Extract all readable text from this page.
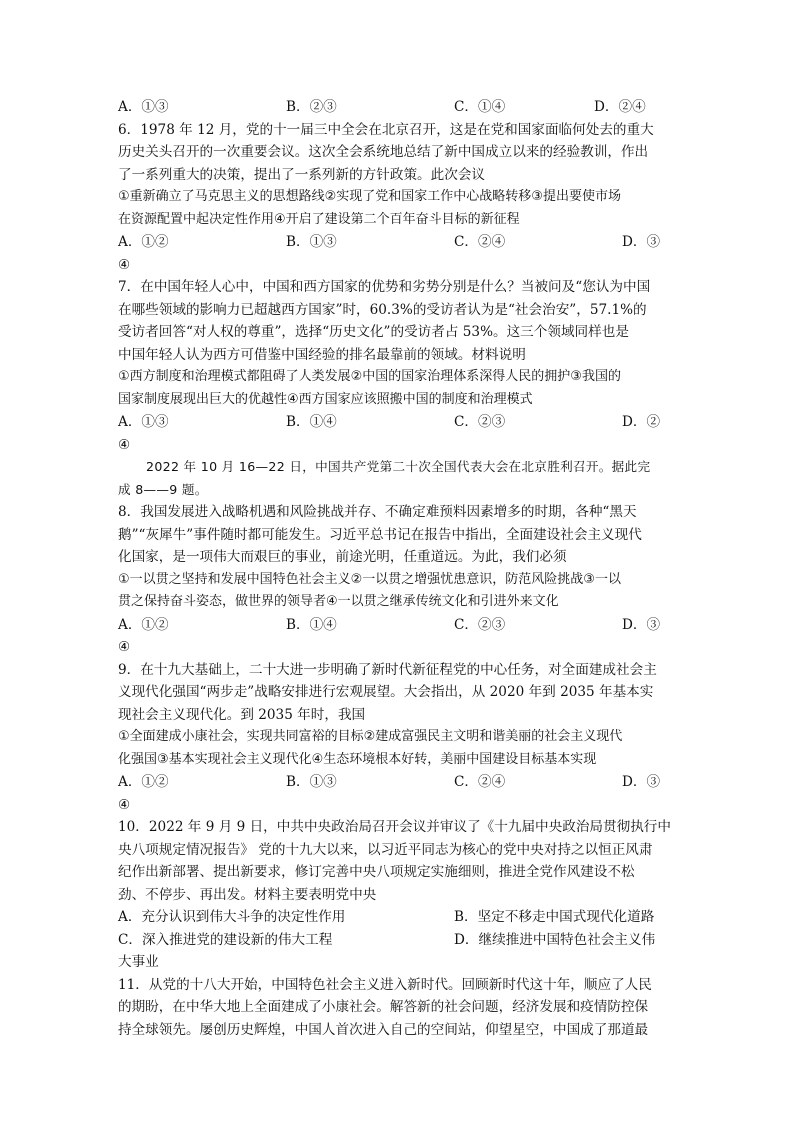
A．①③	B．②③	C．①④	D．②④
6．1978 年 12 月，党的十一届三中全会在北京召开，这是在党和国家面临何处去的重大
历史关头召开的一次重要会议。这次全会系统地总结了新中国成立以来的经验教训，作出
了一系列重大的决策，提出了一系列新的方针政策。此次会议
①重新确立了马克思主义的思想路线②实现了党和国家工作中心战略转移③提出要使市场
在资源配置中起决定性作用④开启了建设第二个百年奋斗目标的新征程
A．①②	B．①③	C．②④	D．③
④
7．在中国年轻人心中，中国和西方国家的优势和劣势分别是什么？当被问及“您认为中国
在哪些领域的影响力已超越西方国家”时，60.3%的受访者认为是“社会治安”，57.1%的
受访者回答“对人权的尊重”，选择“历史文化”的受访者占 53%。这三个领域同样也是
中国年轻人认为西方可借鉴中国经验的排名最靠前的领域。材料说明
①西方制度和治理模式都阻碍了人类发展②中国的国家治理体系深得人民的拥护③我国的
国家制度展现出巨大的优越性④西方国家应该照搬中国的制度和治理模式
A．①③	B．①④	C．②③	D．②
④
2022 年 10 月 16—22 日，中国共产党第二十次全国代表大会在北京胜利召开。据此完
成 8——9 题。
8．我国发展进入战略机遇和风险挑战并存、不确定难预料因素增多的时期，各种“黑天
鹅”“灰犀牛”事件随时都可能发生。习近平总书记在报告中指出，全面建设社会主义现代
化国家，是一项伟大而艰巨的事业，前途光明，任重道远。为此，我们必须
①一以贯之坚持和发展中国特色社会主义②一以贯之增强忧患意识，防范风险挑战③一以
贯之保持奋斗姿态，做世界的领导者④一以贯之继承传统文化和引进外来文化
A．①②	B．①④	C．②③	D．③
④
9．在十九大基础上，二十大进一步明确了新时代新征程党的中心任务，对全面建成社会主
义现代化强国“两步走”战略安排进行宏观展望。大会指出，从 2020 年到 2035 年基本实
现社会主义现代化。到 2035 年时，我国
①全面建成小康社会，实现共同富裕的目标②建成富强民主文明和谐美丽的社会主义现代
化强国③基本实现社会主义现代化④生态环境根本好转，美丽中国建设目标基本实现
A．①②	B．①③	C．②④	D．③
④
10．2022 年 9 月 9 日，中共中央政治局召开会议并审议了《十九届中央政治局贯彻执行中
央八项规定情况报告》 党的十九大以来，以习近平同志为核心的党中央对持之以恒正风肃
纪作出新部署、提出新要求，修订完善中央八项规定实施细则，推进全党作风建设不松
劲、不停步、再出发。材料主要表明党中央
A．充分认识到伟大斗争的决定性作用	B．坚定不移走中国式现代化道路
C．深入推进党的建设新的伟大工程	D．继续推进中国特色社会主义伟
大事业
11．从党的十八大开始，中国特色社会主义进入新时代。回顾新时代这十年，顺应了人民
的期盼，在中华大地上全面建成了小康社会。解答新的社会问题，经济发展和疫情防控保
持全球领先。屡创历史辉煌，中国人首次进入自己的空间站，仰望星空，中国成了那道最
